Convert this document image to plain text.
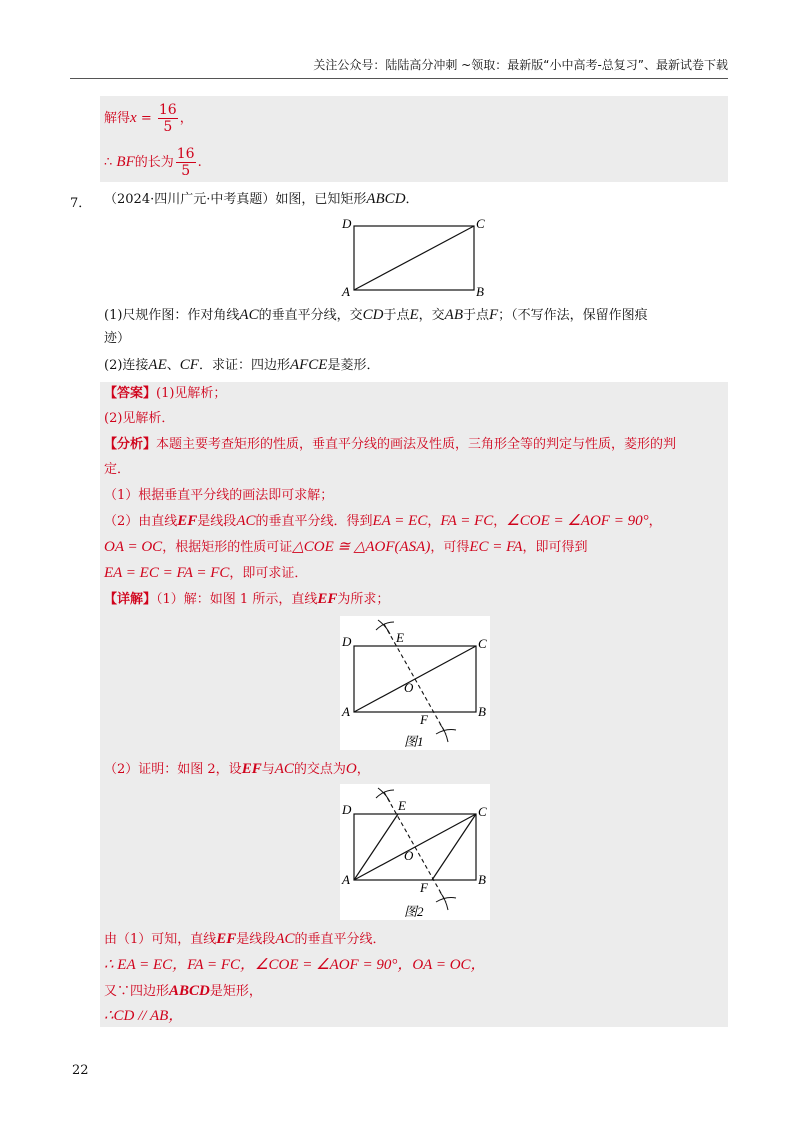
关注公众号：陆陆高分冲刺 ~领取：最新版“小中高考-总复习”、最新试卷下载
解得$x = \frac{16}{5}$ ，
∴ BF的长为 $\frac{16}{5}$ .
7． （2024·四川广元·中考真题）如图，已知矩形ABCD．
D	C
A	B
(1)尺规作图：作对角线AC的垂直平分线，交CD于点E，交AB于点F；（不写作法，保留作图痕
迹）
(2)连接AE、CF．求证：四边形AFCE是菱形．
【答案】(1)见解析；
(2)见解析．
【分析】本题主要考查矩形的性质，垂直平分线的画法及性质，三角形全等的判定与性质，菱形的判
定．
（1）根据垂直平分线的画法即可求解；
（2）由直线EF是线段AC的垂直平分线．得到EA = EC，FA = FC，∠COE = ∠AOF = 90°，
OA = OC，根据矩形的性质可证△COE ≅ △AOF(ASA)，可得EC = FA，即可得到
EA = EC = FA = FC，即可求证．
【详解】（1）解：如图 1 所示，直线EF为所求；
D	E	C
O
A
F
B
图1
（2）证明：如图 2，设EF与AC的交点为O，
D	E	C
O
A
F
B
图2
由（1）可知，直线EF是线段AC的垂直平分线．
∴ EA = EC，FA = FC，∠COE = ∠AOF = 90°，OA = OC，
又∵四边形ABCD是矩形，
∴CD // AB，
22
